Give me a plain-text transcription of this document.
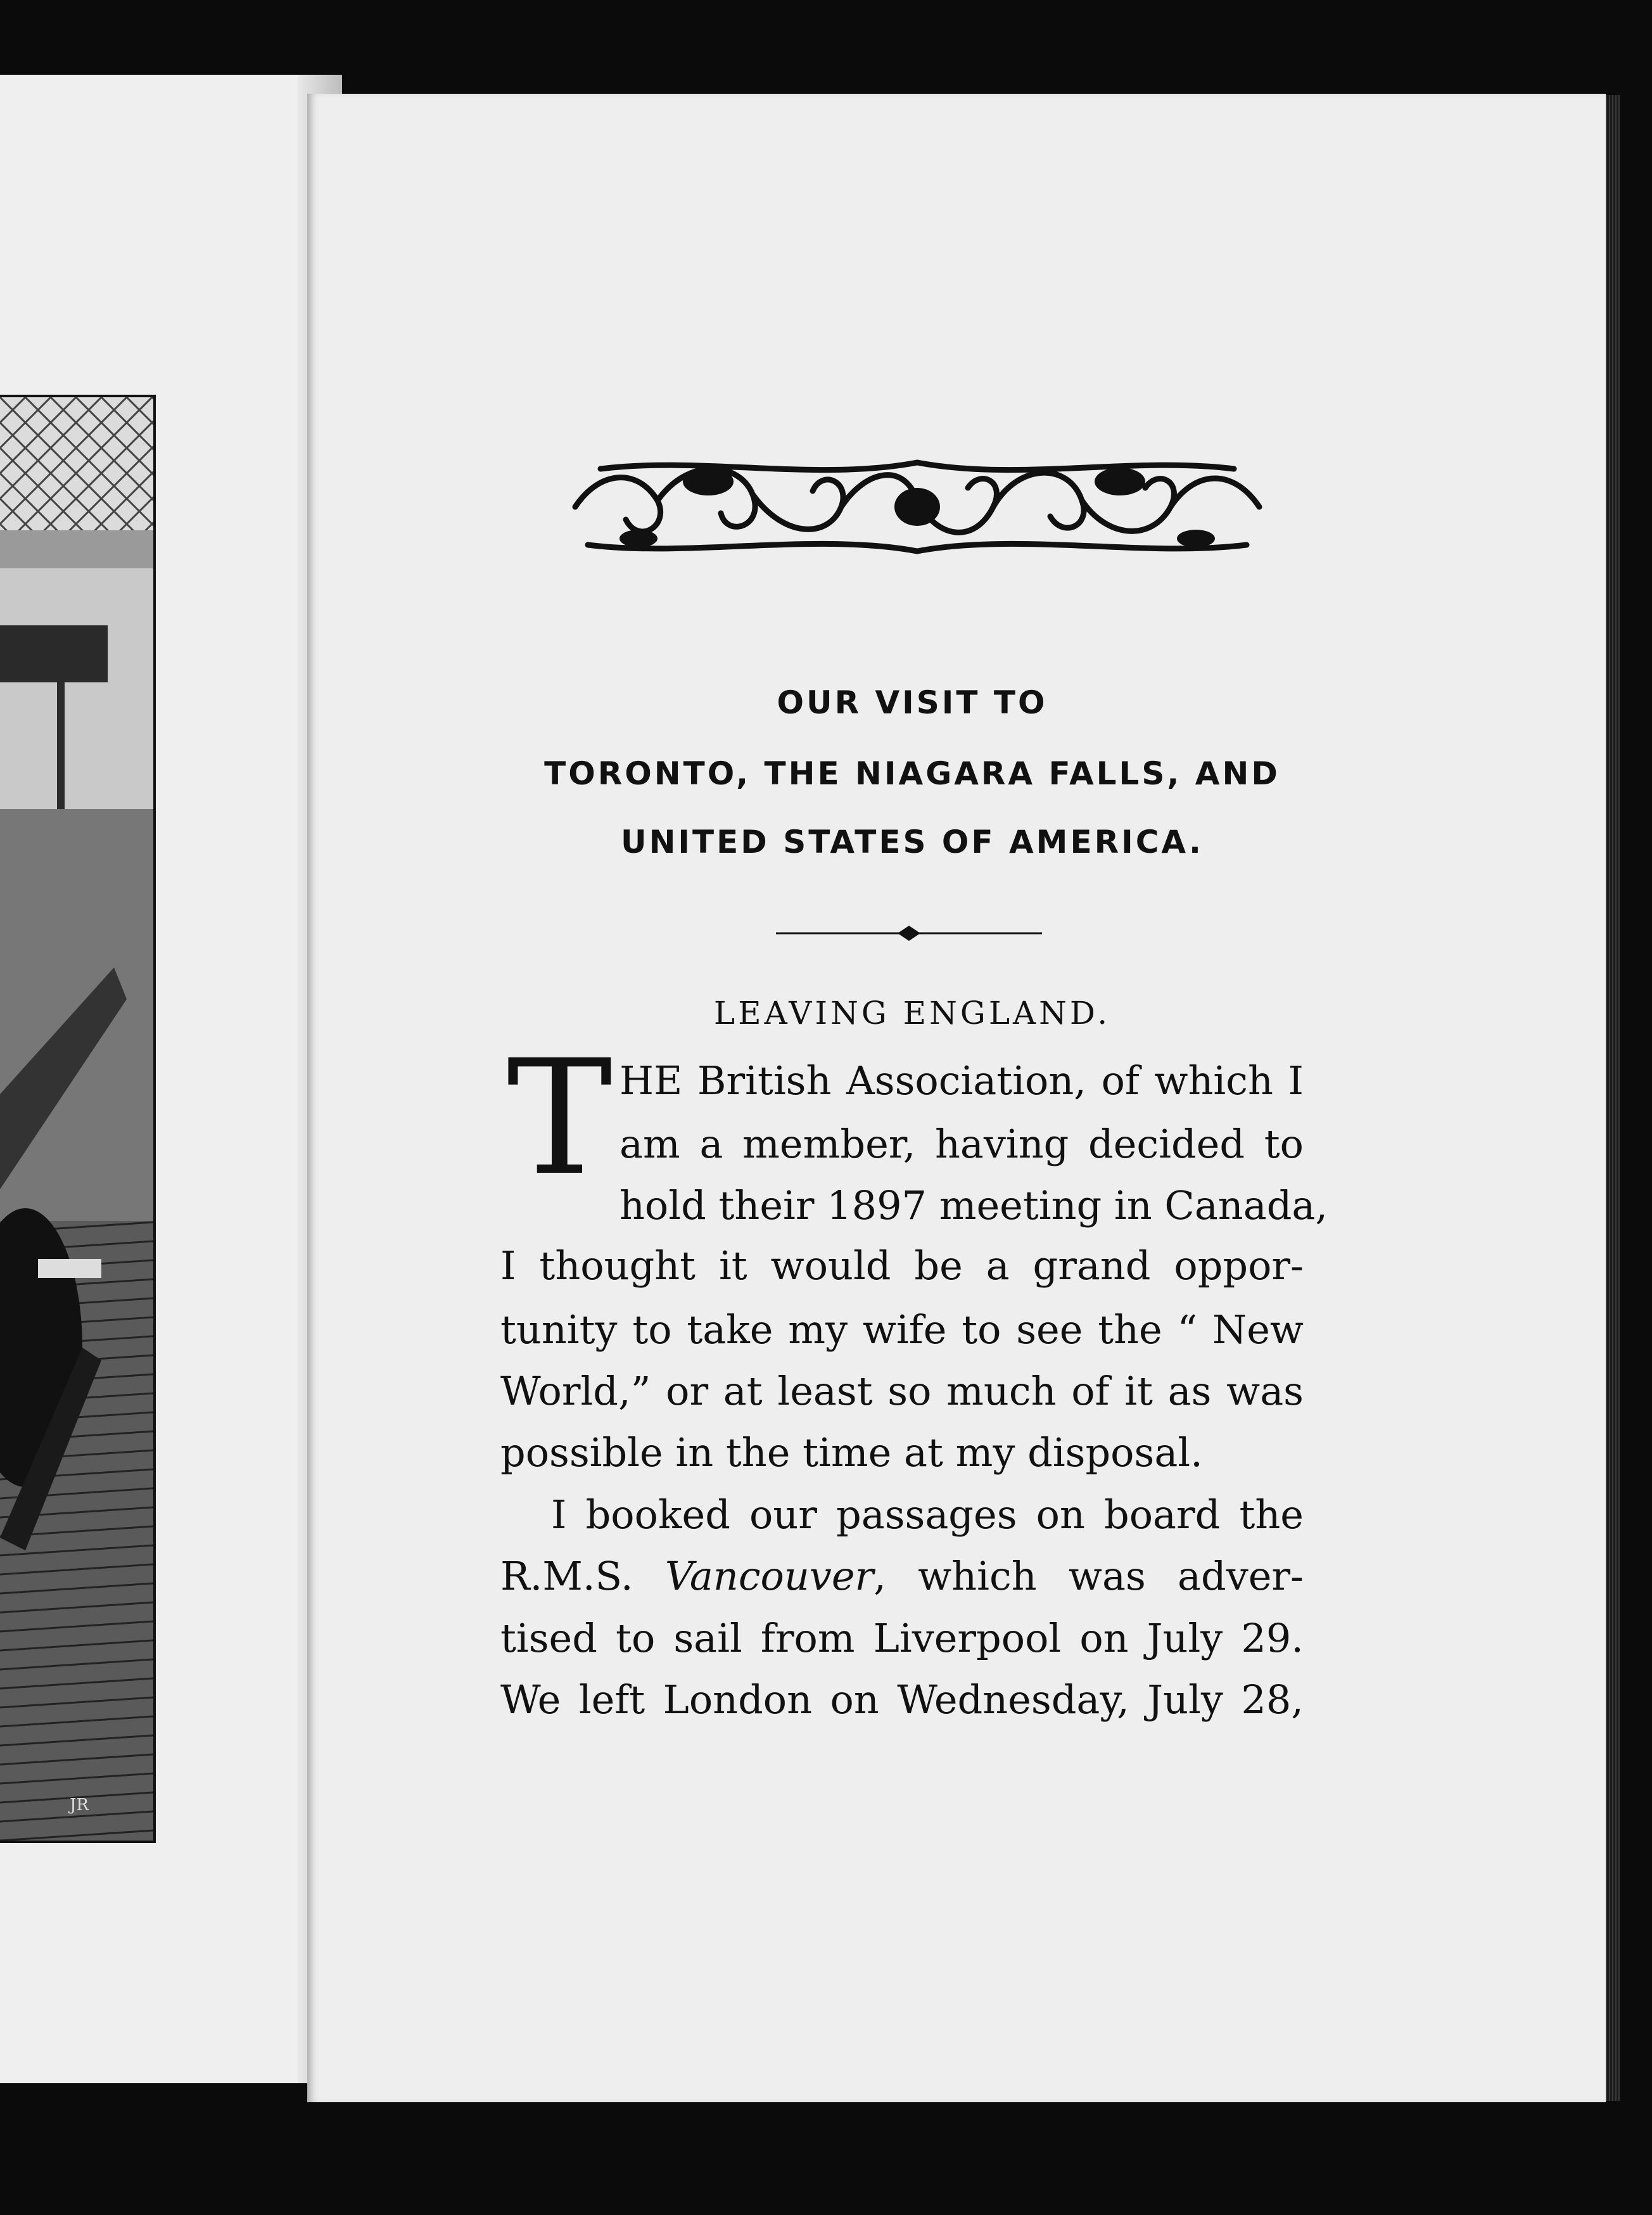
JR
OUR VISIT TO
TORONTO, THE NIAGARA FALLS, AND
UNITED STATES OF AMERICA.
LEAVING ENGLAND.
T HE British Association, of which I
am a member, having decided to
hold their 1897 meeting in Canada,
I thought it would be a grand oppor-
tunity to take my wife to see the “ New
World,” or at least so much of it as was
possible in the time at my disposal.
I booked our passages on board the
R.M.S. Vancouver, which was adver-
tised to sail from Liverpool on July 29.
We left London on Wednesday, July 28,
